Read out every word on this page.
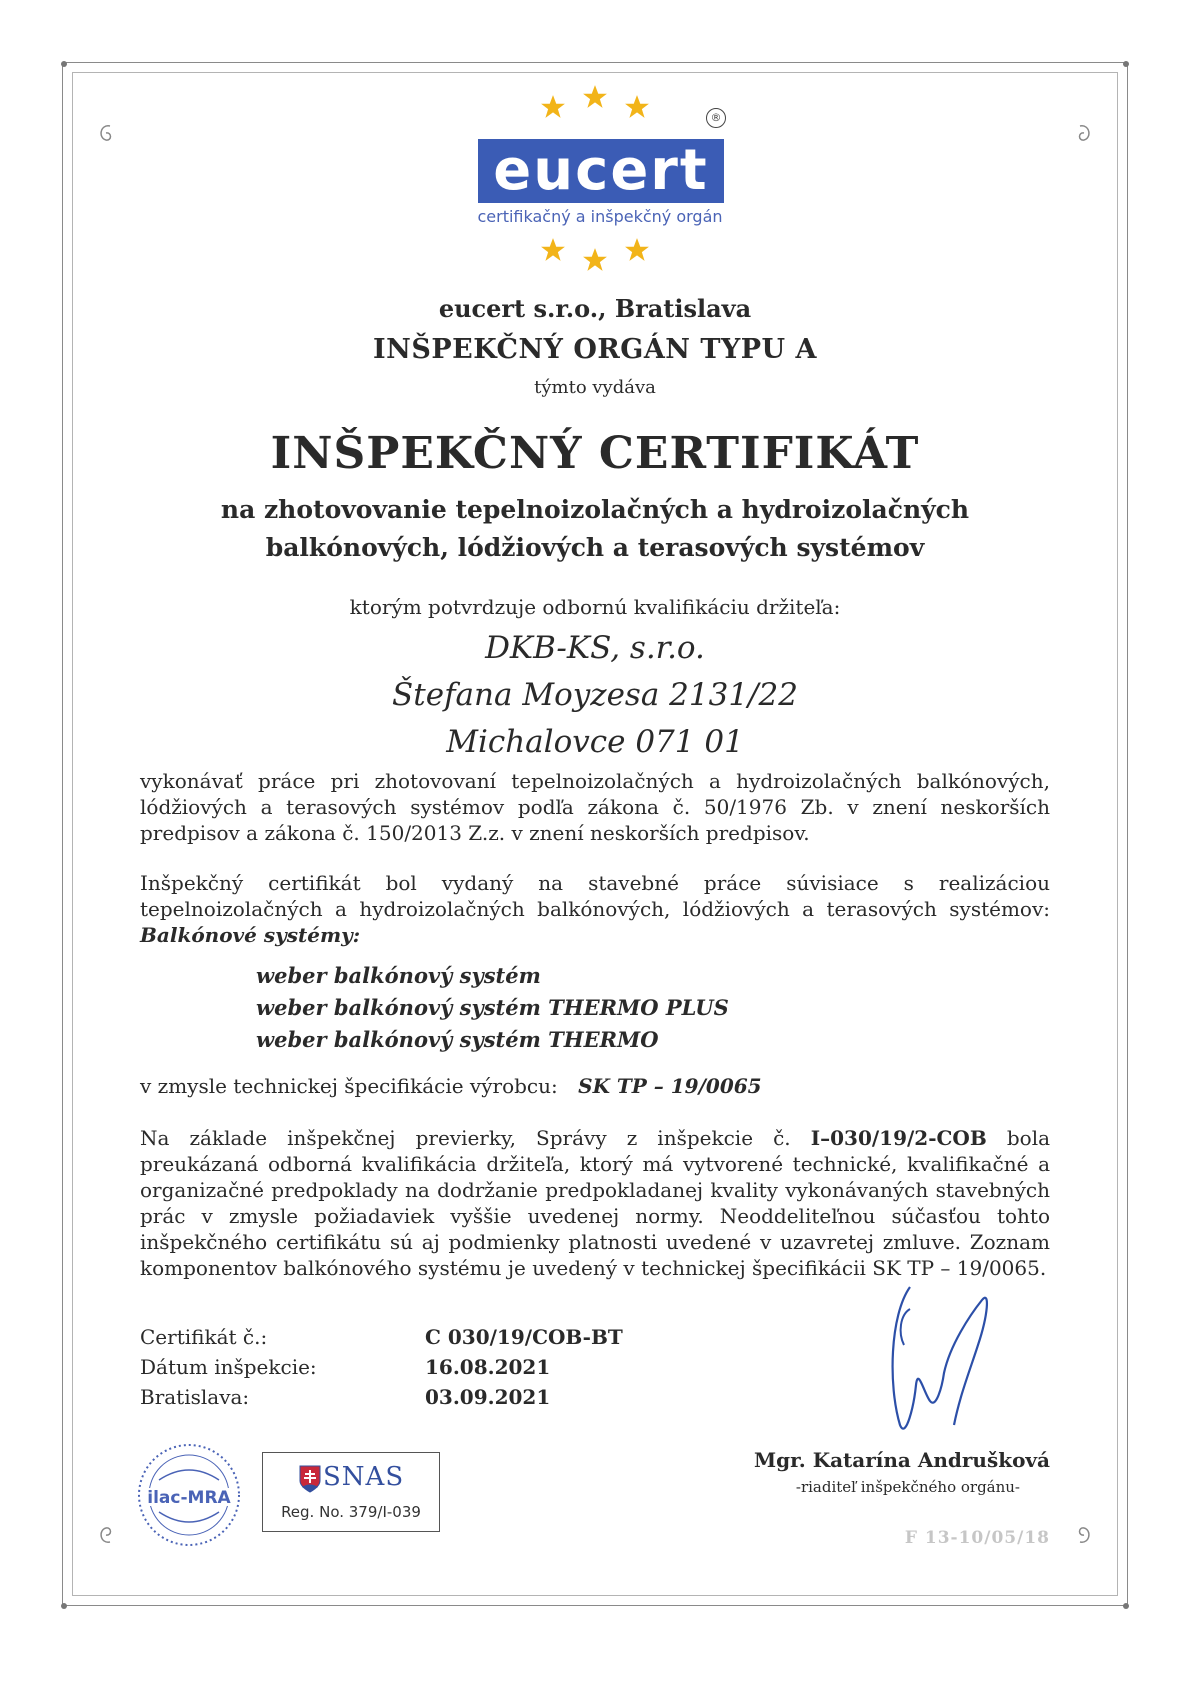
eucert
®
certifikačný a inšpekčný orgán
eucert s.r.o., Bratislava
INŠPEKČNÝ ORGÁN TYPU A
týmto vydáva
INŠPEKČNÝ CERTIFIKÁT
na zhotovovanie tepelnoizolačných a hydroizolačných
balkónových, lódžiových a terasových systémov
ktorým potvrdzuje odbornú kvalifikáciu držiteľa:
DKB-KS, s.r.o.
Štefana Moyzesa 2131/22
Michalovce 071 01
vykonávať práce pri zhotovovaní tepelnoizolačných a hydroizolačných balkónových, lódžiových a terasových systémov podľa zákona č. 50/1976 Zb. v znení neskorších predpisov a zákona č. 150/2013 Z.z. v znení neskorších predpisov.
Inšpekčný certifikát bol vydaný na stavebné práce súvisiace s realizáciou tepelnoizolačných a hydroizolačných balkónových, lódžiových a terasových systémov: Balkónové systémy:
weber balkónový systém
weber balkónový systém THERMO PLUS
weber balkónový systém THERMO
v zmysle technickej špecifikácie výrobcu: SK TP – 19/0065
Na základe inšpekčnej previerky, Správy z inšpekcie č. I–030/19/2-COB bola preukázaná odborná kvalifikácia držiteľa, ktorý má vytvorené technické, kvalifikačné a organizačné predpoklady na dodržanie predpokladanej kvality vykonávaných stavebných prác v zmysle požiadaviek vyššie uvedenej normy. Neoddeliteľnou súčasťou tohto inšpekčného certifikátu sú aj podmienky platnosti uvedené v uzavretej zmluve. Zoznam komponentov balkónového systému je uvedený v technickej špecifikácii SK TP – 19/0065.
Certifikát č.:	C 030/19/COB-BT
Dátum inšpekcie:	16.08.2021
Bratislava:	03.09.2021
Mgr. Katarína Andrušková
-riaditeľ inšpekčného orgánu-
F 13-10/05/18
ilac-MRA
SNAS
Reg. No. 379/I-039
